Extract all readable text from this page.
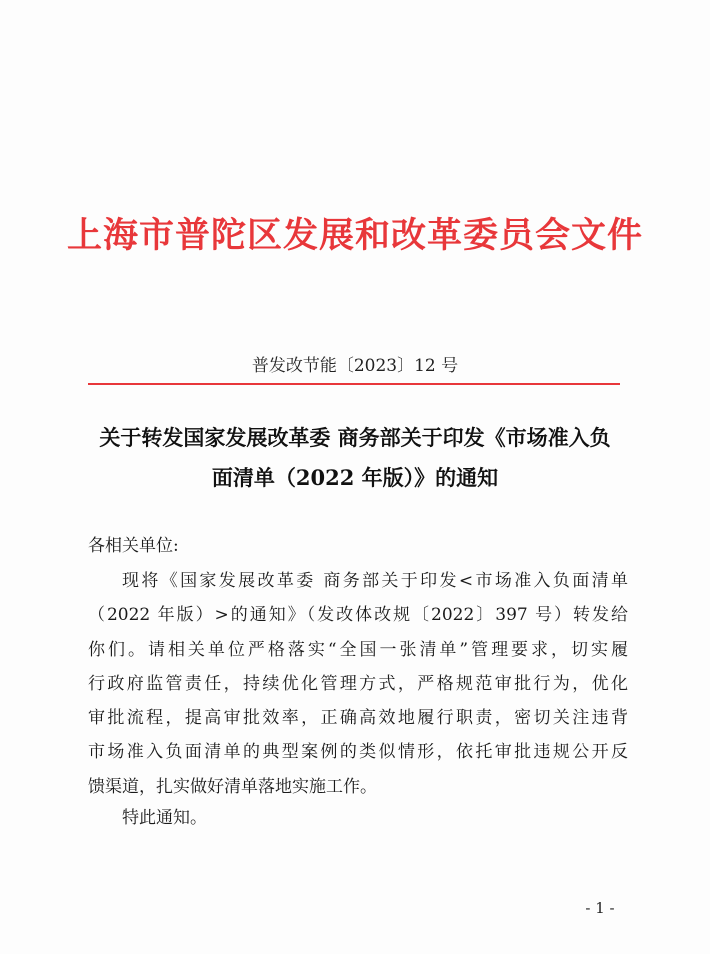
上海市普陀区发展和改革委员会文件
普发改节能〔2023〕12 号
关于转发国家发展改革委 商务部关于印发《市场准入负
面清单（2022 年版）》的通知
各相关单位:
现将《国家发展改革委 商务部关于印发<市场准入负面清单
（2022 年版）>的通知》（发改体改规〔2022〕397 号）转发给
你们。请相关单位严格落实“全国一张清单”管理要求，切实履
行政府监管责任，持续优化管理方式，严格规范审批行为，优化
审批流程，提高审批效率，正确高效地履行职责，密切关注违背
市场准入负面清单的典型案例的类似情形，依托审批违规公开反
馈渠道，扎实做好清单落地实施工作。
特此通知。
- 1 -
